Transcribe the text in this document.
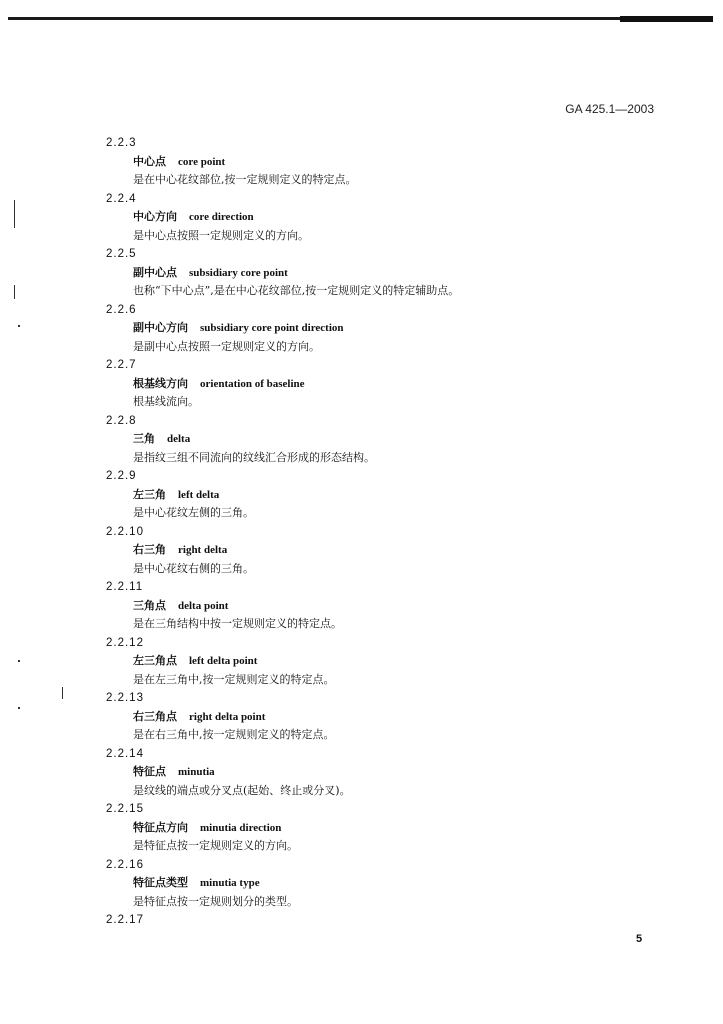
GA 425.1—2003
2.2.3
中心点 core point
是在中心花纹部位,按一定规则定义的特定点。
2.2.4
中心方向 core direction
是中心点按照一定规则定义的方向。
2.2.5
副中心点 subsidiary core point
也称“下中心点”,是在中心花纹部位,按一定规则定义的特定辅助点。
2.2.6
副中心方向 subsidiary core point direction
是副中心点按照一定规则定义的方向。
2.2.7
根基线方向 orientation of baseline
根基线流向。
2.2.8
三角 delta
是指纹三组不同流向的纹线汇合形成的形态结构。
2.2.9
左三角 left delta
是中心花纹左侧的三角。
2.2.10
右三角 right delta
是中心花纹右侧的三角。
2.2.11
三角点 delta point
是在三角结构中按一定规则定义的特定点。
2.2.12
左三角点 left delta point
是在左三角中,按一定规则定义的特定点。
2.2.13
右三角点 right delta point
是在右三角中,按一定规则定义的特定点。
2.2.14
特征点 minutia
是纹线的端点或分叉点(起始、终止或分叉)。
2.2.15
特征点方向 minutia direction
是特征点按一定规则定义的方向。
2.2.16
特征点类型 minutia type
是特征点按一定规则划分的类型。
2.2.17
5
